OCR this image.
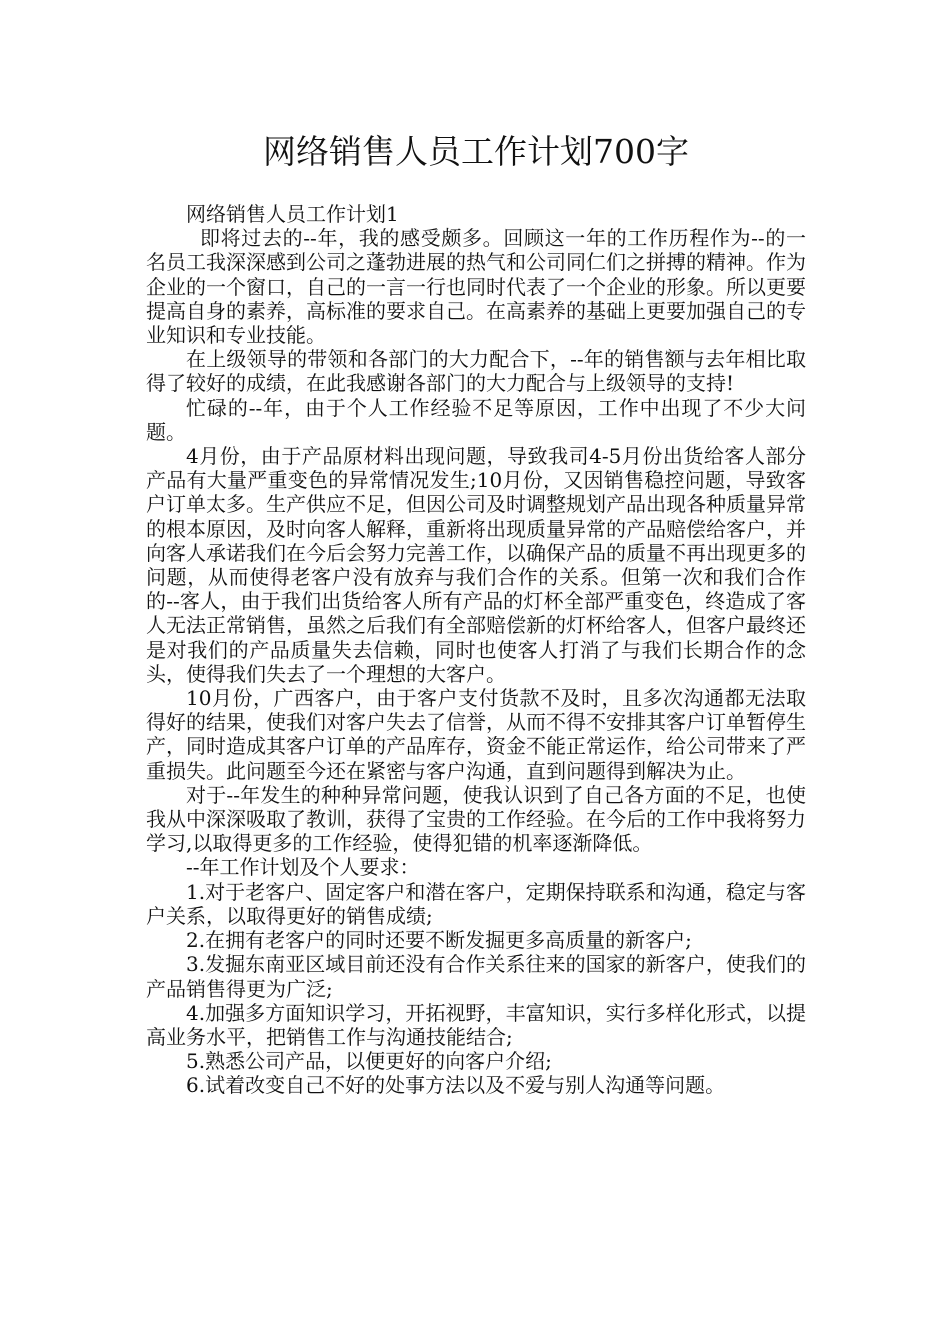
网络销售人员工作计划700字

网络销售人员工作计划1

即将过去的--年，我的感受颇多。回顾这一年的工作历程作为--的一名员工我深深感到公司之蓬勃进展的热气和公司同仁们之拼搏的精神。作为企业的一个窗口，自己的一言一行也同时代表了一个企业的形象。所以更要提高自身的素养，高标准的要求自己。在高素养的基础上更要加强自己的专业知识和专业技能。

在上级领导的带领和各部门的大力配合下，--年的销售额与去年相比取得了较好的成绩，在此我感谢各部门的大力配合与上级领导的支持!

忙碌的--年，由于个人工作经验不足等原因，工作中出现了不少大问题。

4月份，由于产品原材料出现问题，导致我司4-5月份出货给客人部分产品有大量严重变色的异常情况发生;10月份，又因销售稳控问题，导致客户订单太多。生产供应不足，但因公司及时调整规划产品出现各种质量异常的根本原因，及时向客人解释，重新将出现质量异常的产品赔偿给客户，并向客人承诺我们在今后会努力完善工作，以确保产品的质量不再出现更多的问题，从而使得老客户没有放弃与我们合作的关系。但第一次和我们合作的--客人，由于我们出货给客人所有产品的灯杯全部严重变色，终造成了客人无法正常销售，虽然之后我们有全部赔偿新的灯杯给客人，但客户最终还是对我们的产品质量失去信赖，同时也使客人打消了与我们长期合作的念头，使得我们失去了一个理想的大客户。

10月份，广西客户，由于客户支付货款不及时，且多次沟通都无法取得好的结果，使我们对客户失去了信誉，从而不得不安排其客户订单暂停生产，同时造成其客户订单的产品库存，资金不能正常运作，给公司带来了严重损失。此问题至今还在紧密与客户沟通，直到问题得到解决为止。

对于--年发生的种种异常问题，使我认识到了自己各方面的不足，也使我从中深深吸取了教训，获得了宝贵的工作经验。在今后的工作中我将努力学习,以取得更多的工作经验，使得犯错的机率逐渐降低。

--年工作计划及个人要求：

1.对于老客户、固定客户和潜在客户，定期保持联系和沟通，稳定与客户关系，以取得更好的销售成绩;

2.在拥有老客户的同时还要不断发掘更多高质量的新客户;

3.发掘东南亚区域目前还没有合作关系往来的国家的新客户，使我们的产品销售得更为广泛;

4.加强多方面知识学习，开拓视野，丰富知识，实行多样化形式，以提高业务水平，把销售工作与沟通技能结合;

5.熟悉公司产品，以便更好的向客户介绍;

6.试着改变自己不好的处事方法以及不爱与别人沟通等问题。
